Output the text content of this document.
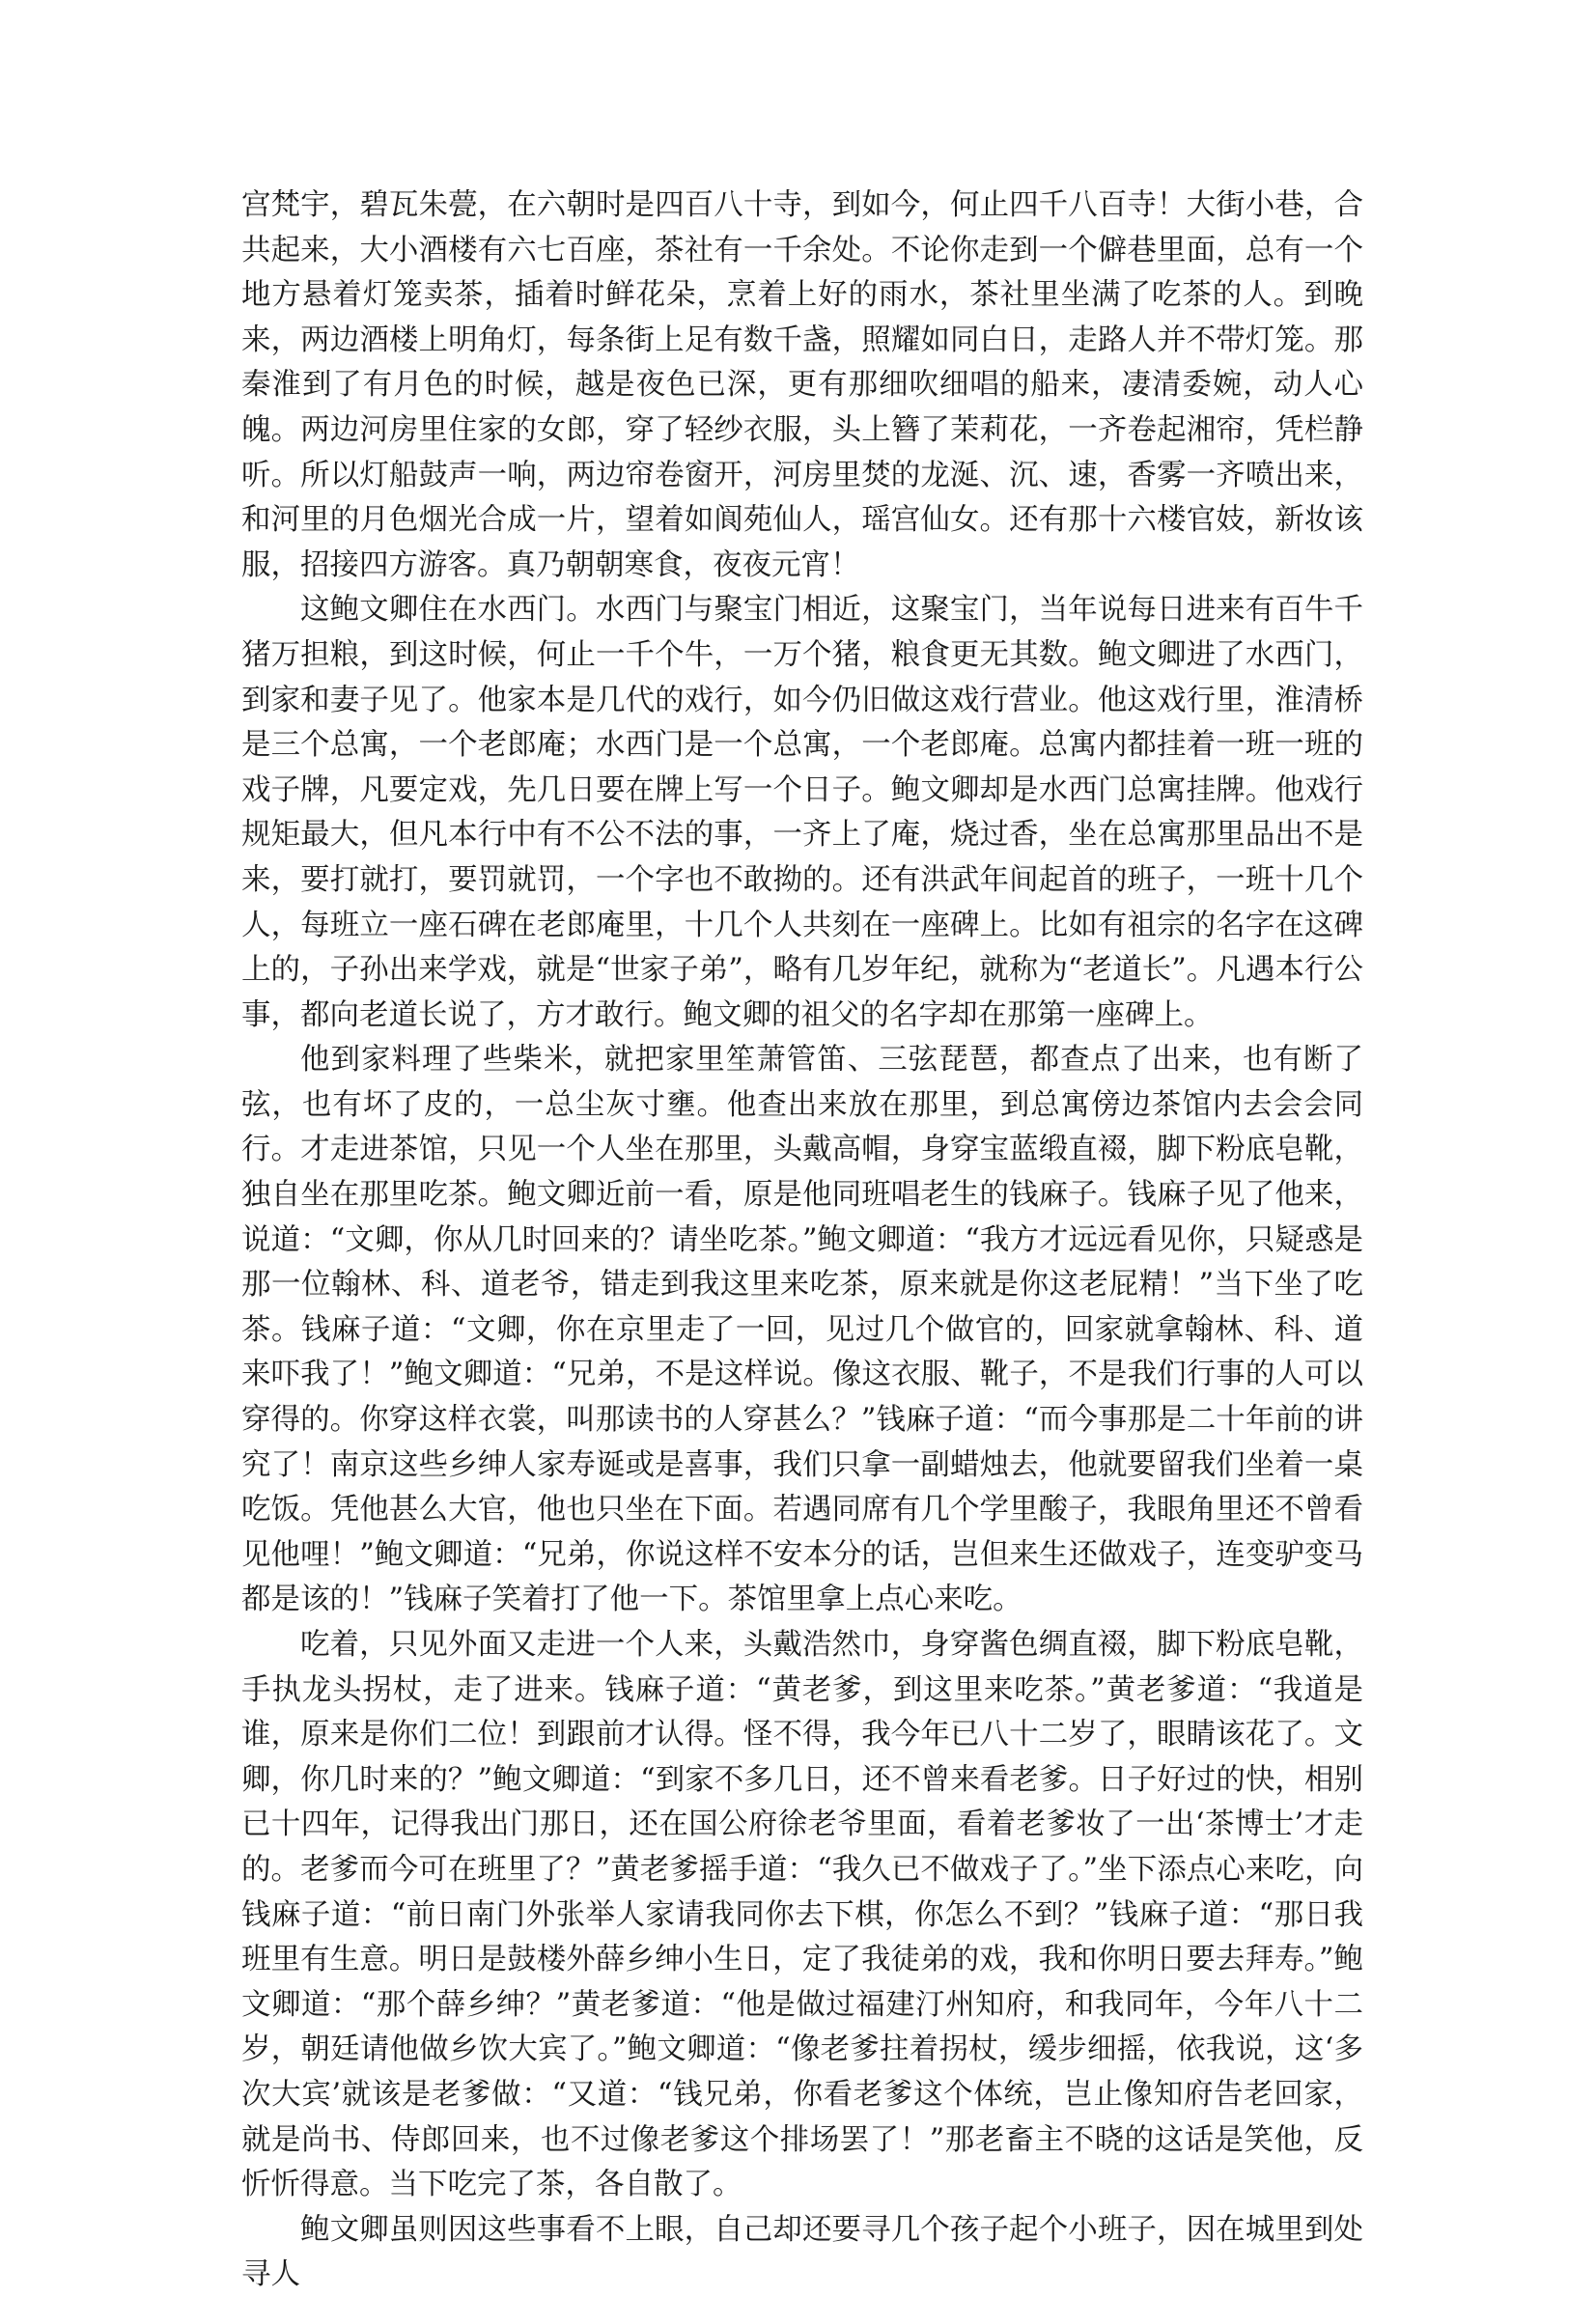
宫梵宇，碧瓦朱甍，在六朝时是四百八十寺，到如今，何止四千八百寺！大街小巷，合共起来，大小酒楼有六七百座，茶社有一千余处。不论你走到一个僻巷里面，总有一个地方悬着灯笼卖茶，插着时鲜花朵，烹着上好的雨水，茶社里坐满了吃茶的人。到晚来，两边酒楼上明角灯，每条街上足有数千盏，照耀如同白日，走路人并不带灯笼。那秦淮到了有月色的时候，越是夜色已深，更有那细吹细唱的船来，凄清委婉，动人心魄。两边河房里住家的女郎，穿了轻纱衣服，头上簪了茉莉花，一齐卷起湘帘，凭栏静听。所以灯船鼓声一响，两边帘卷窗开，河房里焚的龙涎、沉、速，香雾一齐喷出来，和河里的月色烟光合成一片，望着如阆苑仙人，瑶宫仙女。还有那十六楼官妓，新妆该服，招接四方游客。真乃朝朝寒食，夜夜元宵！

这鲍文卿住在水西门。水西门与聚宝门相近，这聚宝门，当年说每日进来有百牛千猪万担粮，到这时候，何止一千个牛，一万个猪，粮食更无其数。鲍文卿进了水西门，到家和妻子见了。他家本是几代的戏行，如今仍旧做这戏行营业。他这戏行里，淮清桥是三个总寓，一个老郎庵；水西门是一个总寓，一个老郎庵。总寓内都挂着一班一班的戏子牌，凡要定戏，先几日要在牌上写一个日子。鲍文卿却是水西门总寓挂牌。他戏行规矩最大，但凡本行中有不公不法的事，一齐上了庵，烧过香，坐在总寓那里品出不是来，要打就打，要罚就罚，一个字也不敢拗的。还有洪武年间起首的班子，一班十几个人，每班立一座石碑在老郎庵里，十几个人共刻在一座碑上。比如有祖宗的名字在这碑上的，子孙出来学戏，就是“世家子弟”，略有几岁年纪，就称为“老道长”。凡遇本行公事，都向老道长说了，方才敢行。鲍文卿的祖父的名字却在那第一座碑上。

他到家料理了些柴米，就把家里笙萧管笛、三弦琵琶，都查点了出来，也有断了弦，也有坏了皮的，一总尘灰寸壅。他查出来放在那里，到总寓傍边茶馆内去会会同行。才走进茶馆，只见一个人坐在那里，头戴高帽，身穿宝蓝缎直裰，脚下粉底皂靴，独自坐在那里吃茶。鲍文卿近前一看，原是他同班唱老生的钱麻子。钱麻子见了他来，说道：“文卿，你从几时回来的？请坐吃茶。”鲍文卿道：“我方才远远看见你，只疑惑是那一位翰林、科、道老爷，错走到我这里来吃茶，原来就是你这老屁精！”当下坐了吃茶。钱麻子道：“文卿，你在京里走了一回，见过几个做官的，回家就拿翰林、科、道来吓我了！”鲍文卿道：“兄弟，不是这样说。像这衣服、靴子，不是我们行事的人可以穿得的。你穿这样衣裳，叫那读书的人穿甚么？”钱麻子道：“而今事那是二十年前的讲究了！南京这些乡绅人家寿诞或是喜事，我们只拿一副蜡烛去，他就要留我们坐着一桌吃饭。凭他甚么大官，他也只坐在下面。若遇同席有几个学里酸子，我眼角里还不曾看见他哩！”鲍文卿道：“兄弟，你说这样不安本分的话，岂但来生还做戏子，连变驴变马都是该的！”钱麻子笑着打了他一下。茶馆里拿上点心来吃。

吃着，只见外面又走进一个人来，头戴浩然巾，身穿酱色绸直裰，脚下粉底皂靴，手执龙头拐杖，走了进来。钱麻子道：“黄老爹，到这里来吃茶。”黄老爹道：“我道是谁，原来是你们二位！到跟前才认得。怪不得，我今年已八十二岁了，眼睛该花了。文卿，你几时来的？”鲍文卿道：“到家不多几日，还不曾来看老爹。日子好过的快，相别已十四年，记得我出门那日，还在国公府徐老爷里面，看着老爹妆了一出‘茶博士’才走的。老爹而今可在班里了？”黄老爹摇手道：“我久已不做戏子了。”坐下添点心来吃，向钱麻子道：“前日南门外张举人家请我同你去下棋，你怎么不到？”钱麻子道：“那日我班里有生意。明日是鼓楼外薛乡绅小生日，定了我徒弟的戏，我和你明日要去拜寿。”鲍文卿道：“那个薛乡绅？”黄老爹道：“他是做过福建汀州知府，和我同年，今年八十二岁，朝廷请他做乡饮大宾了。”鲍文卿道：“像老爹拄着拐杖，缓步细摇，依我说，这‘多次大宾’就该是老爹做：“又道：“钱兄弟，你看老爹这个体统，岂止像知府告老回家，就是尚书、侍郎回来，也不过像老爹这个排场罢了！”那老畜主不晓的这话是笑他，反忻忻得意。当下吃完了茶，各自散了。

鲍文卿虽则因这些事看不上眼，自己却还要寻几个孩子起个小班子，因在城里到处寻人
